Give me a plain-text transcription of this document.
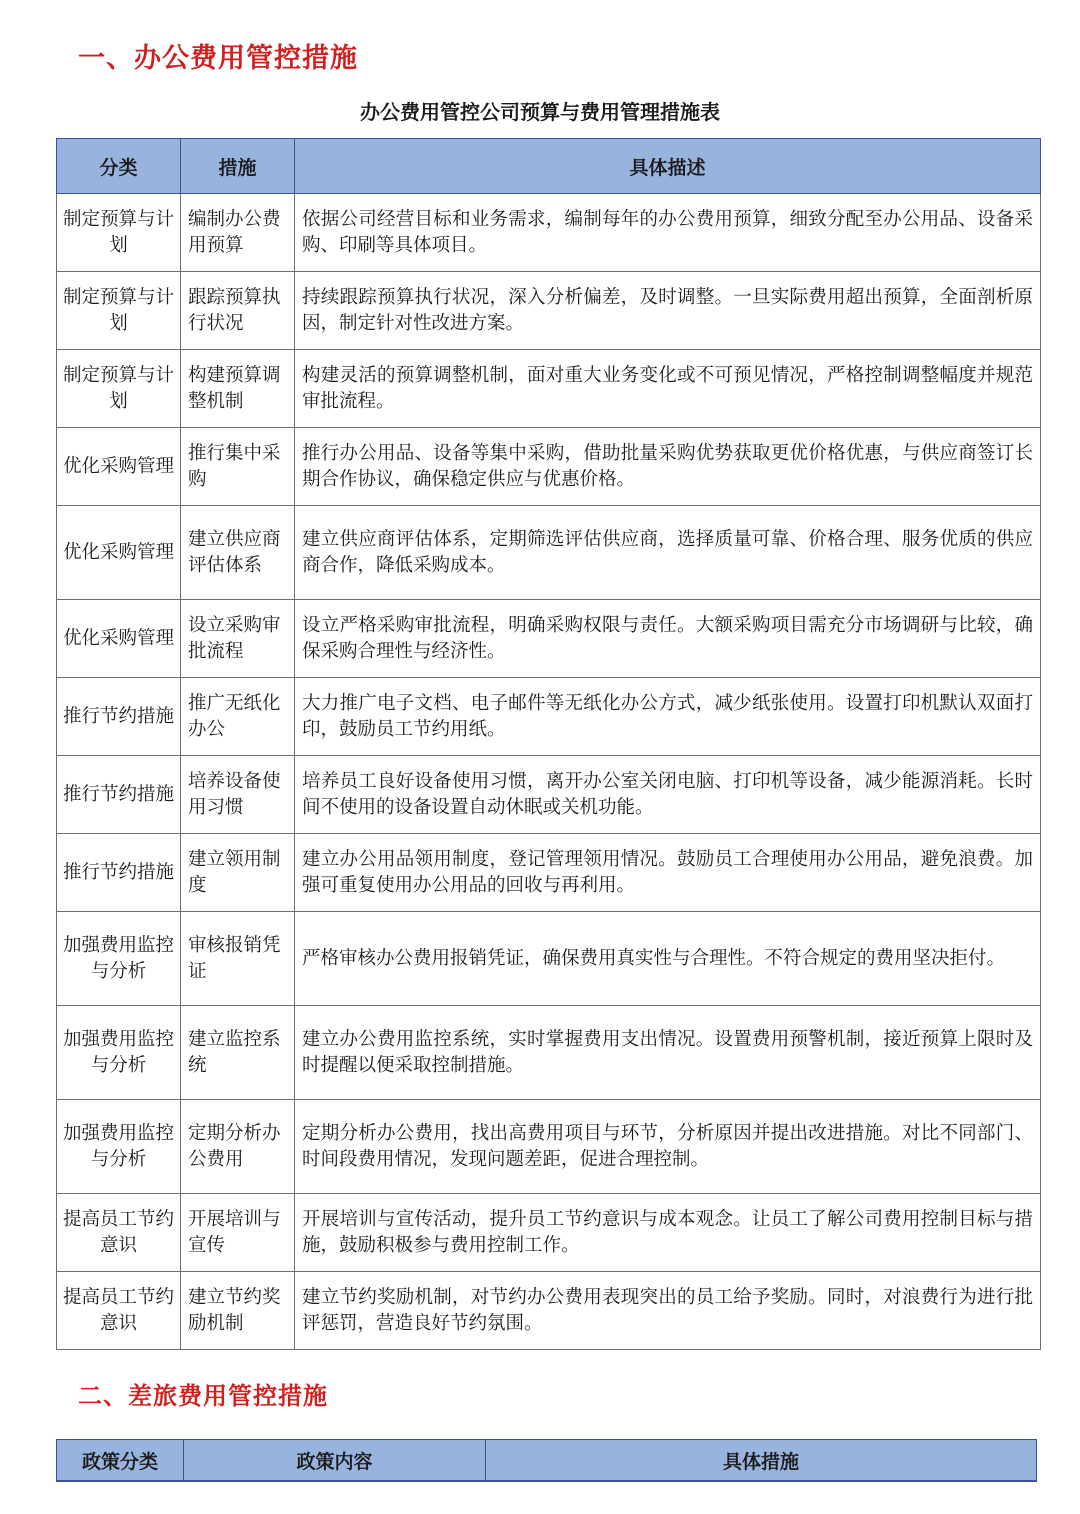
一、办公费用管控措施
办公费用管控公司预算与费用管理措施表
分类	措施	具体描述
制定预算与计划	编制办公费用预算	依据公司经营目标和业务需求，编制每年的办公费用预算，细致分配至办公用品、设备采购、印刷等具体项目。
制定预算与计划	跟踪预算执行状况	持续跟踪预算执行状况，深入分析偏差，及时调整。一旦实际费用超出预算，全面剖析原因，制定针对性改进方案。
制定预算与计划	构建预算调整机制	构建灵活的预算调整机制，面对重大业务变化或不可预见情况，严格控制调整幅度并规范审批流程。
优化采购管理	推行集中采购	推行办公用品、设备等集中采购，借助批量采购优势获取更优价格优惠，与供应商签订长期合作协议，确保稳定供应与优惠价格。
优化采购管理	建立供应商评估体系	建立供应商评估体系，定期筛选评估供应商，选择质量可靠、价格合理、服务优质的供应商合作，降低采购成本。
优化采购管理	设立采购审批流程	设立严格采购审批流程，明确采购权限与责任。大额采购项目需充分市场调研与比较，确保采购合理性与经济性。
推行节约措施	推广无纸化办公	大力推广电子文档、电子邮件等无纸化办公方式，减少纸张使用。设置打印机默认双面打印，鼓励员工节约用纸。
推行节约措施	培养设备使用习惯	培养员工良好设备使用习惯，离开办公室关闭电脑、打印机等设备，减少能源消耗。长时间不使用的设备设置自动休眠或关机功能。
推行节约措施	建立领用制度	建立办公用品领用制度，登记管理领用情况。鼓励员工合理使用办公用品，避免浪费。加强可重复使用办公用品的回收与再利用。
加强费用监控与分析	审核报销凭证	严格审核办公费用报销凭证，确保费用真实性与合理性。不符合规定的费用坚决拒付。
加强费用监控与分析	建立监控系统	建立办公费用监控系统，实时掌握费用支出情况。设置费用预警机制，接近预算上限时及时提醒以便采取控制措施。
加强费用监控与分析	定期分析办公费用	定期分析办公费用，找出高费用项目与环节，分析原因并提出改进措施。对比不同部门、时间段费用情况，发现问题差距，促进合理控制。
提高员工节约意识	开展培训与宣传	开展培训与宣传活动，提升员工节约意识与成本观念。让员工了解公司费用控制目标与措施，鼓励积极参与费用控制工作。
提高员工节约意识	建立节约奖励机制	建立节约奖励机制，对节约办公费用表现突出的员工给予奖励。同时，对浪费行为进行批评惩罚，营造良好节约氛围。
二、差旅费用管控措施
政策分类	政策内容	具体措施
